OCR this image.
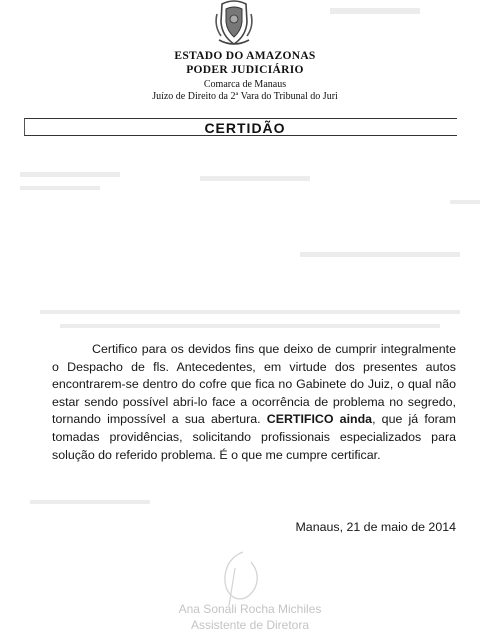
ESTADO DO AMAZONAS
PODER JUDICIÁRIO
Comarca de Manaus
Juízo de Direito da 2ª Vara do Tribunal do Juri
CERTIDÃO
Certifico para os devidos fins que deixo de cumprir integralmente o Despacho de fls. Antecedentes, em virtude dos presentes autos encontrarem-se dentro do cofre que fica no Gabinete do Juiz, o qual não estar sendo possível abri-lo face a ocorrência de problema no segredo, tornando impossível a sua abertura. CERTIFICO ainda, que já foram tomadas providências, solicitando profissionais especializados para solução do referido problema. É o que me cumpre certificar.
Manaus, 21 de maio de 2014
Ana Sonali Rocha Michiles
Assistente de Diretora
